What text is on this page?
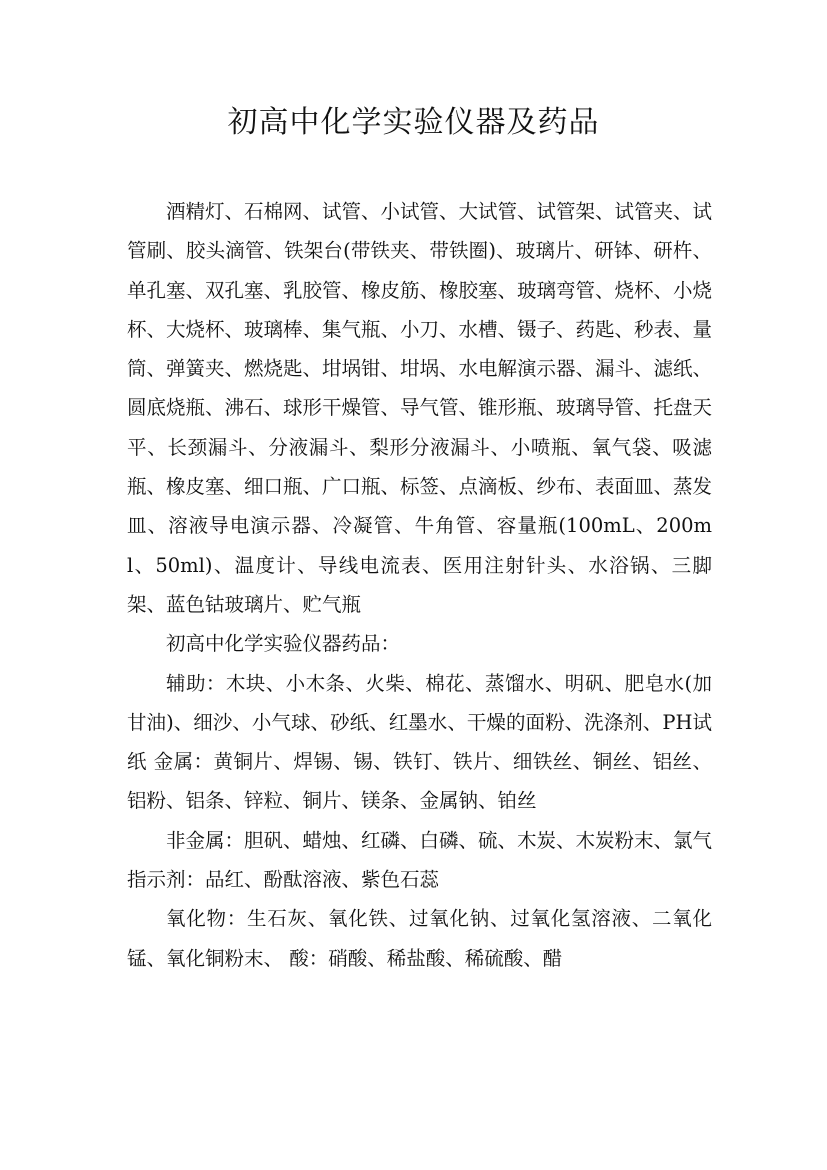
初高中化学实验仪器及药品

酒精灯、石棉网、试管、小试管、大试管、试管架、试管夹、试管刷、胶头滴管、铁架台(带铁夹、带铁圈)、玻璃片、研钵、研杵、单孔塞、双孔塞、乳胶管、橡皮筋、橡胶塞、玻璃弯管、烧杯、小烧杯、大烧杯、玻璃棒、集气瓶、小刀、水槽、镊子、药匙、秒表、量筒、弹簧夹、燃烧匙、坩埚钳、坩埚、水电解演示器、漏斗、滤纸、圆底烧瓶、沸石、球形干燥管、导气管、锥形瓶、玻璃导管、托盘天平、长颈漏斗、分液漏斗、梨形分液漏斗、小喷瓶、氧气袋、吸滤瓶、橡皮塞、细口瓶、广口瓶、标签、点滴板、纱布、表面皿、蒸发皿、溶液导电演示器、冷凝管、牛角管、容量瓶(100mL、200ml、50ml)、温度计、导线电流表、医用注射针头、水浴锅、三脚架、蓝色钴玻璃片、贮气瓶

初高中化学实验仪器药品：

辅助：木块、小木条、火柴、棉花、蒸馏水、明矾、肥皂水(加甘油)、细沙、小气球、砂纸、红墨水、干燥的面粉、洗涤剂、PH试纸 金属：黄铜片、焊锡、锡、铁钉、铁片、细铁丝、铜丝、铝丝、铝粉、铝条、锌粒、铜片、镁条、金属钠、铂丝

非金属：胆矾、蜡烛、红磷、白磷、硫、木炭、木炭粉末、氯气 指示剂：品红、酚酞溶液、紫色石蕊

氧化物：生石灰、氧化铁、过氧化钠、过氧化氢溶液、二氧化锰、氧化铜粉末、 酸：硝酸、稀盐酸、稀硫酸、醋
